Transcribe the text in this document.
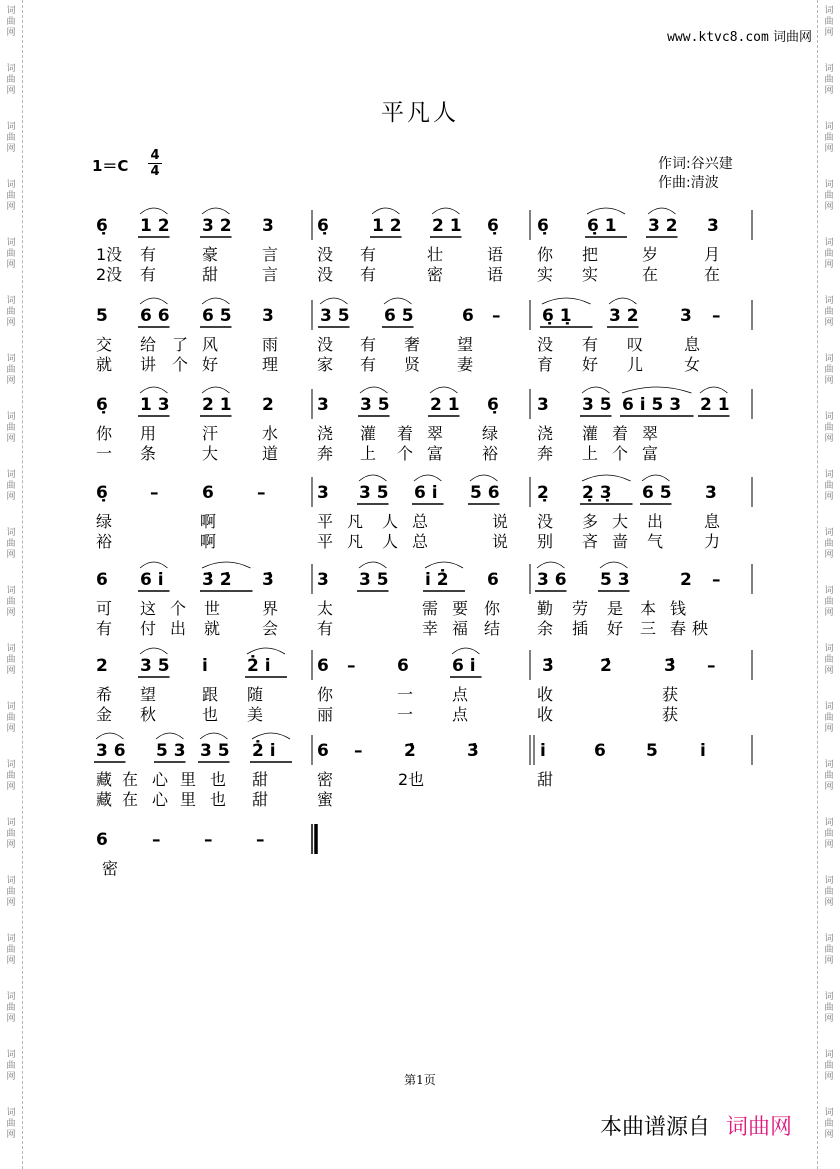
词
曲
网
词
曲
网
词
曲
网
词
曲
网
词
曲
网
词
曲
网
词
曲
网
词
曲
网
词
曲
网
词
曲
网
词
曲
网
词
曲
网
词
曲
网
词
曲
网
词
曲
网
词
曲
网
词
曲
网
词
曲
网
词
曲
网
词
曲
网
词
曲
网
词
曲
网
词
曲
网
词
曲
网
词
曲
网
词
曲
网
词
曲
网
词
曲
网
词
曲
网
词
曲
网
词
曲
网
词
曲
网
词
曲
网
词
曲
网
词
曲
网
词
曲
网
词
曲
网
词
曲
网
词
曲
网
词
曲
网
www.ktvc8.com 词曲网
平凡人
1＝C
4
4	作词:谷兴建
作曲:清波
6̣ 1 2 3 2 3	6̣	1 2 2 1 6̣ 6̣ 6̣ 1 3 2 3
1没 有	豪	言 没 有	壮	语 你 把	岁	月
2没 有	甜	言 没 有	密	语 实 实	在	在
5 6 6 6 5 3	3 5 6 5	6 – 6̣ 1̣ 3 2 3 –
交 给 了 风	雨 没 有 奢 望	没 有 叹	息
就 讲 个 好	理 家 有 贤 妻	育 好 儿	女
6̣ 1 3 2 1 2	3 3 5 2 1 6̣ 3 3 5 6 i 5 3 2 1
你 用	汗	水 浇 灌 着 翠 绿 浇 灌 着 翠
一 条	大	道 奔 上 个 富 裕 奔 上 个 富
6̣ –	6	–	3 3 5 6 i 5 6 2̣ 2̣ 3̣ 6 5 3
绿	啊	平 凡 人 总	说 没 多 大 出	息
裕	啊	平 凡 人 总	说 别 吝 啬 气	力
6 6 i 3̇ 2̇ 3̇	3 3 5 i 2̇ 6 3 6 5 3	2 –
可 这 个 世	界 太	需 要 你 勤 劳 是 本 钱
有 付 出 就	会 有	幸 福 结 余 插 好 三 春 秧
2 3 5 i 2̇ i	6 – 6	6 i	3̇	2̇	3̇ –
希 望	跟 随	你	一 点	收	获
金 秋	也 美	丽	一 点	收	获
3 6 5 3 3 5 2̇ i 6 – 2̇	3̇	i	6 5 i
藏 在 心 里 也 甜	密	2也	甜
藏 在 心 里 也 甜	蜜
6	–	–	–
密
第1页
本曲谱源自 词曲网
